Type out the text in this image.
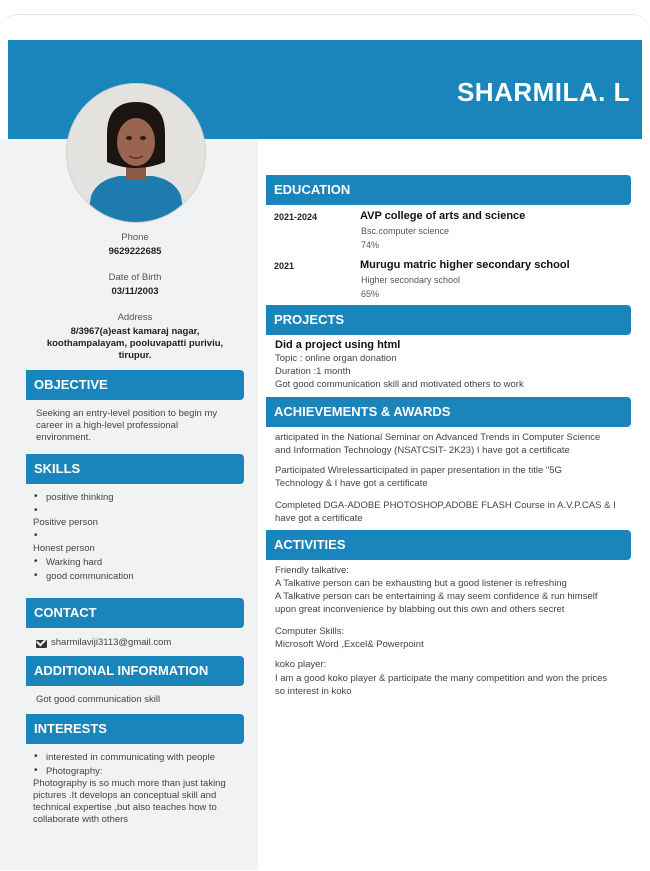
SHARMILA. L
Phone
9629222685
Date of Birth
03/11/2003
Address
8/3967(a)east kamaraj nagar,
koothampalayam, pooluvapatti puriviu,
tirupur.
OBJECTIVE
Seeking an entry-level position to begin my
career in a high-level professional
environment.
SKILLS
• positive thinking
•
Positive person
•
Honest person
• Warking hard
• good communication
CONTACT
sharmilaviji3113@gmail.com
ADDITIONAL INFORMATION
Got good communication skill
INTERESTS
• interested in communicating with people
• Photography:
Photography is so much more than just taking
pictures .It develops an conceptual skill and
technical expertise ,but also teaches how to
collaborate with others
EDUCATION
2021-2024	AVP college of arts and science
Bsc.computer science
74%
2021	Murugu matric higher secondary school
Higher secondary school
65%
PROJECTS
Did a project using html
Topic : online organ donation
Duration :1 month
Got good communication skill and motivated others to work
ACHIEVEMENTS & AWARDS
articipated in the National Seminar on Advanced Trends in Computer Science
and Information Technology (NSATCSIT- 2K23) I have got a certificate
Participated Wirelessarticipated in paper presentation in the title "5G
Technology & I have got a certificate
Completed DGA-ADOBE PHOTOSHOP,ADOBE FLASH Course in A.V.P.CAS & I
have got a certificate
ACTIVITIES
Friendly talkative:
A Talkative person can be exhausting but a good listener is refreshing
A Talkative person can be entertaining & may seem confidence & run himself
upon great inconvenience by blabbing out this own and others secret
Computer Skills:
Microsoft Word ,Excel& Powerpoint
koko player:
I am a good koko player & participate the many competition and won the prices
so interest in koko
